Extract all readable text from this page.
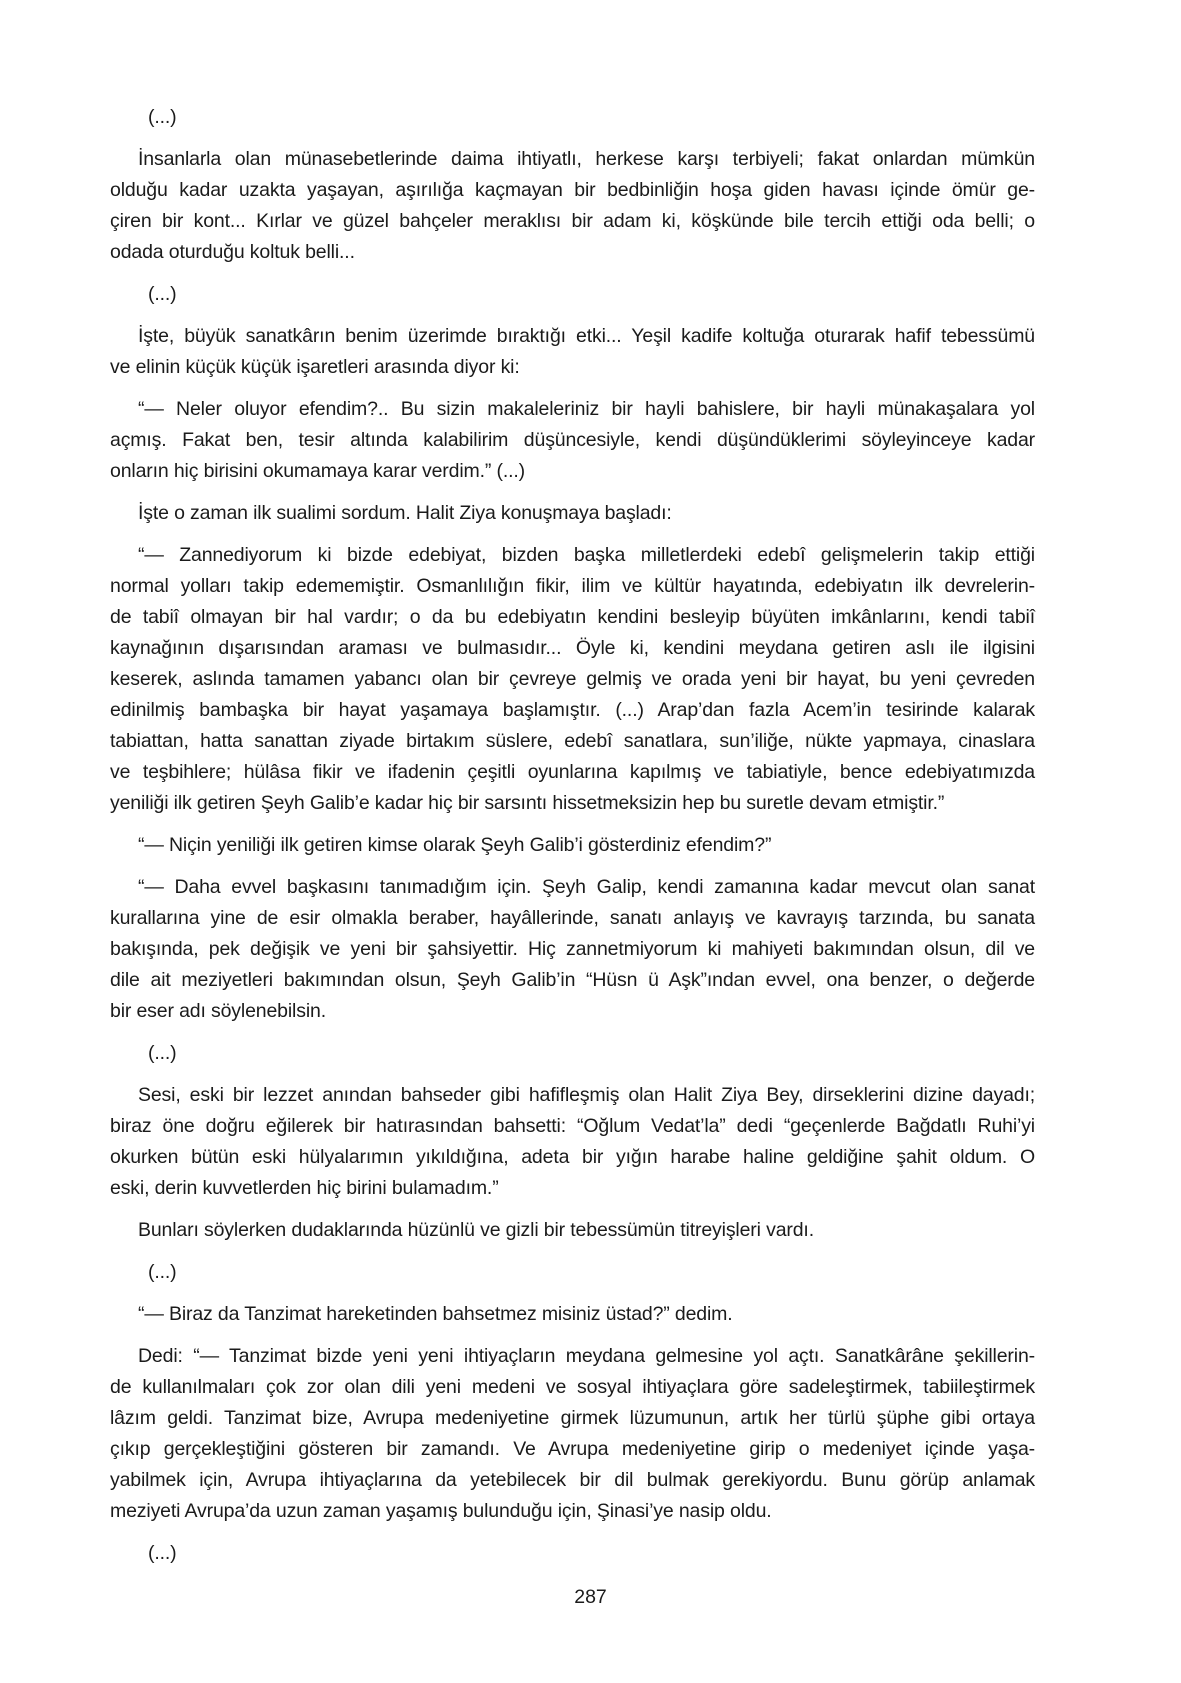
(...)

İnsanlarla olan münasebetlerinde daima ihtiyatlı, herkese karşı terbiyeli; fakat onlardan mümkün
olduğu kadar uzakta yaşayan, aşırılığa kaçmayan bir bedbinliğin hoşa giden havası içinde ömür ge-
çiren bir kont... Kırlar ve güzel bahçeler meraklısı bir adam ki, köşkünde bile tercih ettiği oda belli; o
odada oturduğu koltuk belli...

(...)

İşte, büyük sanatkârın benim üzerimde bıraktığı etki... Yeşil kadife koltuğa oturarak hafif tebessümü
ve elinin küçük küçük işaretleri arasında diyor ki:

“— Neler oluyor efendim?.. Bu sizin makaleleriniz bir hayli bahislere, bir hayli münakaşalara yol
açmış. Fakat ben, tesir altında kalabilirim düşüncesiyle, kendi düşündüklerimi söyleyinceye kadar
onların hiç birisini okumamaya karar verdim.” (...)

İşte o zaman ilk sualimi sordum. Halit Ziya konuşmaya başladı:

“— Zannediyorum ki bizde edebiyat, bizden başka milletlerdeki edebî gelişmelerin takip ettiği
normal yolları takip edememiştir. Osmanlılığın fikir, ilim ve kültür hayatında, edebiyatın ilk devrelerin-
de tabiî olmayan bir hal vardır; o da bu edebiyatın kendini besleyip büyüten imkânlarını, kendi tabiî
kaynağının dışarısından araması ve bulmasıdır... Öyle ki, kendini meydana getiren aslı ile ilgisini
keserek, aslında tamamen yabancı olan bir çevreye gelmiş ve orada yeni bir hayat, bu yeni çevreden
edinilmiş bambaşka bir hayat yaşamaya başlamıştır. (...) Arap’dan fazla Acem’in tesirinde kalarak
tabiattan, hatta sanattan ziyade birtakım süslere, edebî sanatlara, sun’iliğe, nükte yapmaya, cinaslara
ve teşbihlere; hülâsa fikir ve ifadenin çeşitli oyunlarına kapılmış ve tabiatiyle, bence edebiyatımızda
yeniliği ilk getiren Şeyh Galib’e kadar hiç bir sarsıntı hissetmeksizin hep bu suretle devam etmiştir.”

“— Niçin yeniliği ilk getiren kimse olarak Şeyh Galib’i gösterdiniz efendim?”

“— Daha evvel başkasını tanımadığım için. Şeyh Galip, kendi zamanına kadar mevcut olan sanat
kurallarına yine de esir olmakla beraber, hayâllerinde, sanatı anlayış ve kavrayış tarzında, bu sanata
bakışında, pek değişik ve yeni bir şahsiyettir. Hiç zannetmiyorum ki mahiyeti bakımından olsun, dil ve
dile ait meziyetleri bakımından olsun, Şeyh Galib’in “Hüsn ü Aşk”ından evvel, ona benzer, o değerde
bir eser adı söylenebilsin.

(...)

Sesi, eski bir lezzet anından bahseder gibi hafifleşmiş olan Halit Ziya Bey, dirseklerini dizine dayadı;
biraz öne doğru eğilerek bir hatırasından bahsetti: “Oğlum Vedat’la” dedi “geçenlerde Bağdatlı Ruhi’yi
okurken bütün eski hülyalarımın yıkıldığına, adeta bir yığın harabe haline geldiğine şahit oldum. O
eski, derin kuvvetlerden hiç birini bulamadım.”

Bunları söylerken dudaklarında hüzünlü ve gizli bir tebessümün titreyişleri vardı.

(...)

“— Biraz da Tanzimat hareketinden bahsetmez misiniz üstad?” dedim.

Dedi: “— Tanzimat bizde yeni yeni ihtiyaçların meydana gelmesine yol açtı. Sanatkârâne şekillerin-
de kullanılmaları çok zor olan dili yeni medeni ve sosyal ihtiyaçlara göre sadeleştirmek, tabiileştirmek
lâzım geldi. Tanzimat bize, Avrupa medeniyetine girmek lüzumunun, artık her türlü şüphe gibi ortaya
çıkıp gerçekleştiğini gösteren bir zamandı. Ve Avrupa medeniyetine girip o medeniyet içinde yaşa-
yabilmek için, Avrupa ihtiyaçlarına da yetebilecek bir dil bulmak gerekiyordu. Bunu görüp anlamak
meziyeti Avrupa’da uzun zaman yaşamış bulunduğu için, Şinasi’ye nasip oldu.

(...)

287
